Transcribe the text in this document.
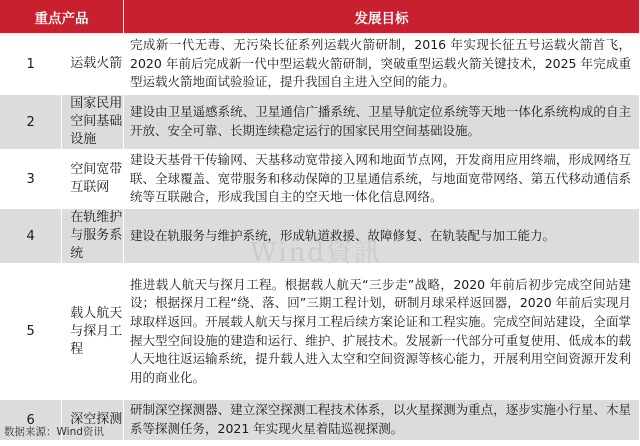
重点产品		发展目标
1	运载火箭	完成新一代无毒、无污染长征系列运载火箭研制，2016 年实现长征五号运载火箭首飞，2020 年前后完成新一代中型运载火箭研制，突破重型运载火箭关键技术，2025 年完成重型运载火箭地面试验验证，提升我国自主进入空间的能力。
2	国家民用空间基础设施	建设由卫星遥感系统、卫星通信广播系统、卫星导航定位系统等天地一体化系统构成的自主开放、安全可靠、长期连续稳定运行的国家民用空间基础设施。
3	空间宽带互联网	建设天基骨干传输网、天基移动宽带接入网和地面节点网，开发商用应用终端，形成网络互联、全球覆盖、宽带服务和移动保障的卫星通信系统，与地面宽带网络、第五代移动通信系统等互联融合，形成我国自主的空天地一体化信息网络。
4	在轨维护与服务系统	建设在轨服务与维护系统，形成轨道救援、故障修复、在轨装配与加工能力。
5	载人航天与探月工程	推进载人航天与探月工程。根据载人航天“三步走”战略，2020 年前后初步完成空间站建设；根据探月工程“绕、落、回”三期工程计划，研制月球采样返回器，2020 年前后实现月球取样返回。开展载人航天与探月工程后续方案论证和工程实施。完成空间站建设，全面掌握大型空间设施的建造和运行、维护、扩展技术。发展新一代部分可重复使用、低成本的载人天地往返运输系统，提升载人进入太空和空间资源等核心能力，开展利用空间资源开发利用的商业化。
6	深空探测	研制深空探测器、建立深空探测工程技术体系，以火星探测为重点，逐步实施小行星、木星系等探测任务，2021 年实现火星着陆巡视探测。
Wind資訊
数据来源：Wind资讯
